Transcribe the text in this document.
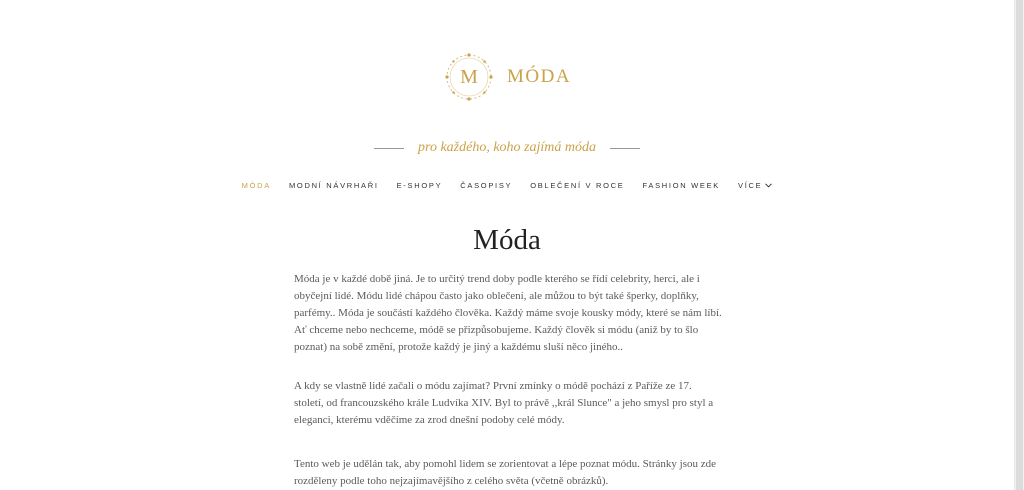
M	MÓDA
pro každého, koho zajímá móda
MÓDA MODNÍ NÁVRHAŘI E-SHOPY ČASOPISY OBLEČENÍ V ROCE FASHION WEEK VÍCE
Móda

Móda je v každé době jiná. Je to určitý trend doby podle kterého se řídí celebrity, herci, ale i obyčejní lidé. Módu lidé chápou často jako oblečení, ale můžou to být také šperky, doplňky, parfémy.. Móda je součástí každého člověka. Každý máme svoje kousky módy, které se nám líbí. Ať chceme nebo nechceme, módě se přizpůsobujeme. Každý člověk si módu (aniž by to šlo poznat) na sobě změní, protože každý je jiný a každému sluší něco jiného..

A kdy se vlastně lidé začali o módu zajímat? První zmínky o módě pochází z Paříže ze 17. století, od francouzského krále Ludvíka XIV. Byl to právě ,,král Slunce" a jeho smysl pro styl a eleganci, kterému vděčíme za zrod dnešní podoby celé módy.

Tento web je udělán tak, aby pomohl lidem se zorientovat a lépe poznat módu. Stránky jsou zde rozděleny podle toho nejzajímavějšího z celého světa (včetně obrázků).
